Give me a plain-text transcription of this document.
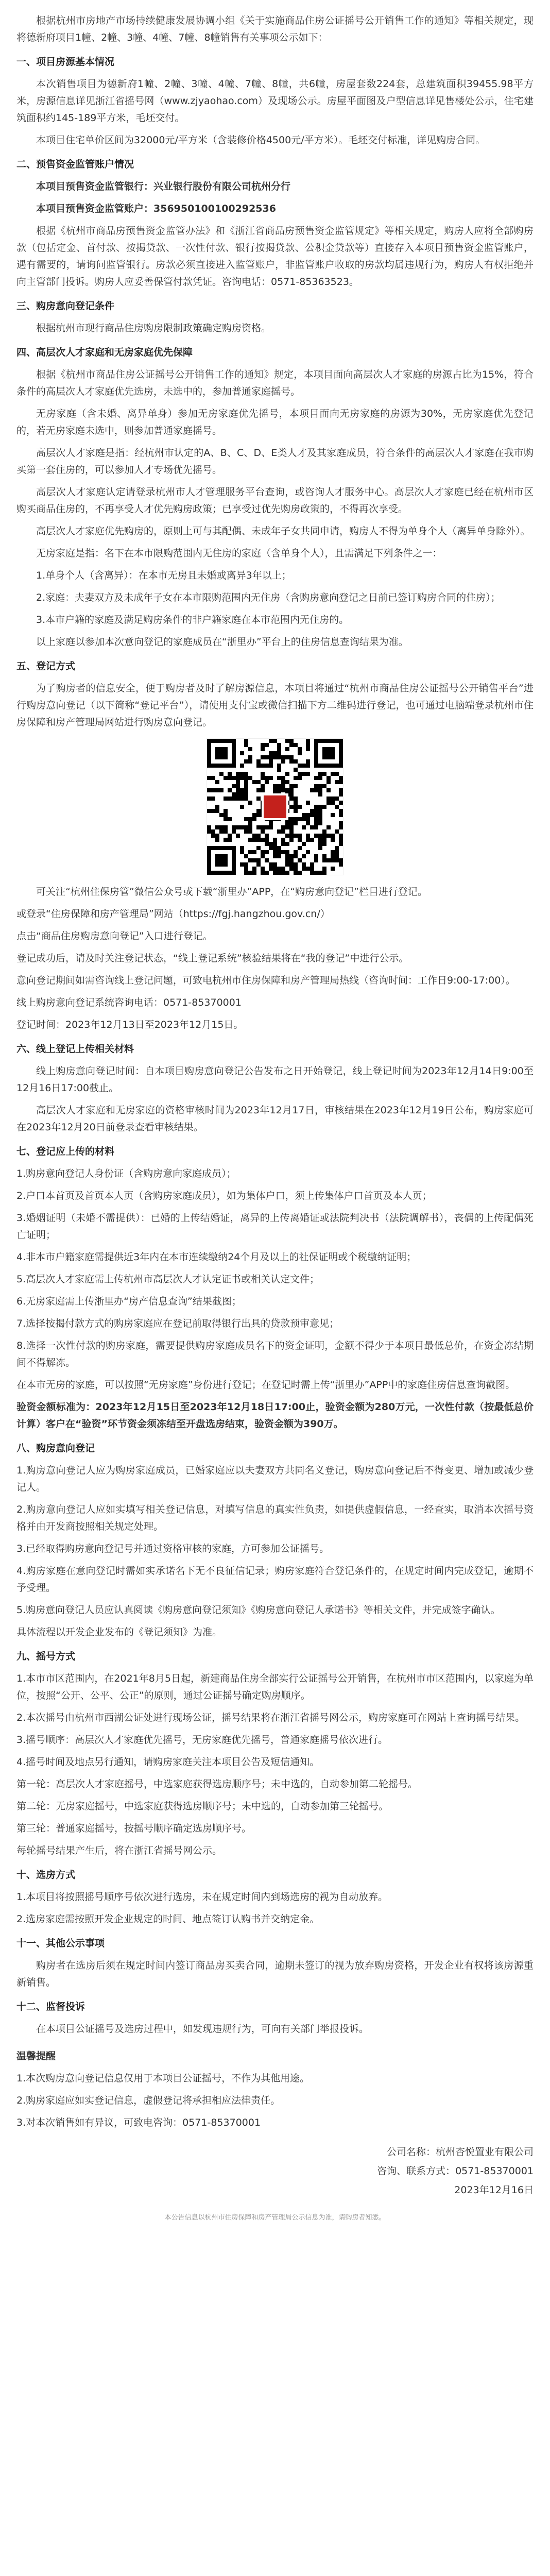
根据杭州市房地产市场持续健康发展协调小组《关于实施商品住房公证摇号公开销售工作的通知》等相关规定，现将德新府项目1幢、2幢、3幢、4幢、7幢、8幢销售有关事项公示如下：

一、项目房源基本情况

本次销售项目为德新府1幢、2幢、3幢、4幢、7幢、8幢，共6幢，房屋套数224套，总建筑面积39455.98平方米，房源信息详见浙江省摇号网（www.zjyaohao.com）及现场公示。房屋平面图及户型信息详见售楼处公示，住宅建筑面积约145-189平方米，毛坯交付。

本项目住宅单价区间为32000元/平方米（含装修价格4500元/平方米）。毛坯交付标准，详见购房合同。

二、预售资金监管账户情况

本项目预售资金监管银行：兴业银行股份有限公司杭州分行

本项目预售资金监管账户：356950100100292536

根据《杭州市商品房预售资金监管办法》和《浙江省商品房预售资金监管规定》等相关规定，购房人应将全部购房款（包括定金、首付款、按揭贷款、一次性付款、银行按揭贷款、公积金贷款等）直接存入本项目预售资金监管账户，遇有需要的，请询问监管银行。房款必须直接进入监管账户，非监管账户收取的房款均属违规行为，购房人有权拒绝并向主管部门投诉。购房人应妥善保管付款凭证。咨询电话：0571-85363523。

三、购房意向登记条件

根据杭州市现行商品住房购房限制政策确定购房资格。

四、高层次人才家庭和无房家庭优先保障

根据《杭州市商品住房公证摇号公开销售工作的通知》规定，本项目面向高层次人才家庭的房源占比为15%，符合条件的高层次人才家庭优先选房，未选中的，参加普通家庭摇号。

无房家庭（含未婚、离异单身）参加无房家庭优先摇号，本项目面向无房家庭的房源为30%，无房家庭优先登记的，若无房家庭未选中，则参加普通家庭摇号。

高层次人才家庭是指：经杭州市认定的A、B、C、D、E类人才及其家庭成员，符合条件的高层次人才家庭在我市购买第一套住房的，可以参加人才专场优先摇号。

高层次人才家庭认定请登录杭州市人才管理服务平台查询，或咨询人才服务中心。高层次人才家庭已经在杭州市区购买商品住房的，不再享受人才优先购房政策；已享受过优先购房政策的，不得再次享受。

高层次人才家庭优先购房的，原则上可与其配偶、未成年子女共同申请，购房人不得为单身个人（离异单身除外）。

无房家庭是指：名下在本市限购范围内无住房的家庭（含单身个人），且需满足下列条件之一：

1.单身个人（含离异）：在本市无房且未婚或离异3年以上；

2.家庭：夫妻双方及未成年子女在本市限购范围内无住房（含购房意向登记之日前已签订购房合同的住房）；

3.本市户籍的家庭及满足购房条件的非户籍家庭在本市范围内无住房的。

以上家庭以参加本次意向登记的家庭成员在“浙里办”平台上的住房信息查询结果为准。

五、登记方式

为了购房者的信息安全，便于购房者及时了解房源信息，本项目将通过“杭州市商品住房公证摇号公开销售平台”进行购房意向登记（以下简称“登记平台”），请使用支付宝或微信扫描下方二维码进行登记，也可通过电脑端登录杭州市住房保障和房产管理局网站进行购房意向登记。

可关注“杭州住保房管”微信公众号或下载“浙里办”APP，在“购房意向登记”栏目进行登记。

或登录“住房保障和房产管理局”网站（https://fgj.hangzhou.gov.cn/）

点击“商品住房购房意向登记”入口进行登记。

登记成功后，请及时关注登记状态，“线上登记系统”核验结果将在“我的登记”中进行公示。

意向登记期间如需咨询线上登记问题，可致电杭州市住房保障和房产管理局热线（咨询时间：工作日9:00-17:00）。

线上购房意向登记系统咨询电话：0571-85370001

登记时间：2023年12月13日至2023年12月15日。

六、线上登记上传相关材料

线上购房意向登记时间：自本项目购房意向登记公告发布之日开始登记，线上登记时间为2023年12月14日9:00至12月16日17:00截止。

高层次人才家庭和无房家庭的资格审核时间为2023年12月17日，审核结果在2023年12月19日公布，购房家庭可在2023年12月20日前登录查看审核结果。

七、登记应上传的材料

1.购房意向登记人身份证（含购房意向家庭成员）；

2.户口本首页及首页本人页（含购房家庭成员），如为集体户口，须上传集体户口首页及本人页；

3.婚姻证明（未婚不需提供）：已婚的上传结婚证，离异的上传离婚证或法院判决书（法院调解书），丧偶的上传配偶死亡证明；

4.非本市户籍家庭需提供近3年内在本市连续缴纳24个月及以上的社保证明或个税缴纳证明；

5.高层次人才家庭需上传杭州市高层次人才认定证书或相关认定文件；

6.无房家庭需上传浙里办“房产信息查询”结果截图；

7.选择按揭付款方式的购房家庭应在登记前取得银行出具的贷款预审意见；

8.选择一次性付款的购房家庭，需要提供购房家庭成员名下的资金证明，金额不得少于本项目最低总价，在资金冻结期间不得解冻。

在本市无房的家庭，可以按照“无房家庭”身份进行登记；在登记时需上传“浙里办”APP中的家庭住房信息查询截图。

验资金额标准为：2023年12月15日至2023年12月18日17:00止，验资金额为280万元，一次性付款（按最低总价计算）客户在“验资”环节资金须冻结至开盘选房结束，验资金额为390万。

八、购房意向登记

1.购房意向登记人应为购房家庭成员，已婚家庭应以夫妻双方共同名义登记，购房意向登记后不得变更、增加或减少登记人。

2.购房意向登记人应如实填写相关登记信息，对填写信息的真实性负责，如提供虚假信息，一经查实，取消本次摇号资格并由开发商按照相关规定处理。

3.已经取得购房意向登记号并通过资格审核的家庭，方可参加公证摇号。

4.购房家庭在意向登记时需如实承诺名下无不良征信记录；购房家庭符合登记条件的，在规定时间内完成登记，逾期不予受理。

5.购房意向登记人员应认真阅读《购房意向登记须知》《购房意向登记人承诺书》等相关文件，并完成签字确认。

具体流程以开发企业发布的《登记须知》为准。

九、摇号方式

1.本市市区范围内，在2021年8月5日起，新建商品住房全部实行公证摇号公开销售，在杭州市市区范围内，以家庭为单位，按照“公开、公平、公正”的原则，通过公证摇号确定购房顺序。

2.本次摇号由杭州市西湖公证处进行现场公证，摇号结果将在浙江省摇号网公示，购房家庭可在网站上查询摇号结果。

3.摇号顺序：高层次人才家庭优先摇号，无房家庭优先摇号，普通家庭摇号依次进行。

4.摇号时间及地点另行通知，请购房家庭关注本项目公告及短信通知。

第一轮：高层次人才家庭摇号，中选家庭获得选房顺序号；未中选的，自动参加第二轮摇号。

第二轮：无房家庭摇号，中选家庭获得选房顺序号；未中选的，自动参加第三轮摇号。

第三轮：普通家庭摇号，按摇号顺序确定选房顺序号。

每轮摇号结果产生后，将在浙江省摇号网公示。

十、选房方式

1.本项目将按照摇号顺序号依次进行选房，未在规定时间内到场选房的视为自动放弃。

2.选房家庭需按照开发企业规定的时间、地点签订认购书并交纳定金。

十一、其他公示事项

购房者在选房后须在规定时间内签订商品房买卖合同，逾期未签订的视为放弃购房资格，开发企业有权将该房源重新销售。

十二、监督投诉

在本项目公证摇号及选房过程中，如发现违规行为，可向有关部门举报投诉。

温馨提醒

1.本次购房意向登记信息仅用于本项目公证摇号，不作为其他用途。

2.购房家庭应如实登记信息，虚假登记将承担相应法律责任。

3.对本次销售如有异议，可致电咨询：0571-85370001

公司名称：杭州杏悦置业有限公司

咨询、联系方式：0571-85370001

2023年12月16日

本公告信息以杭州市住房保障和房产管理局公示信息为准，请购房者知悉。
